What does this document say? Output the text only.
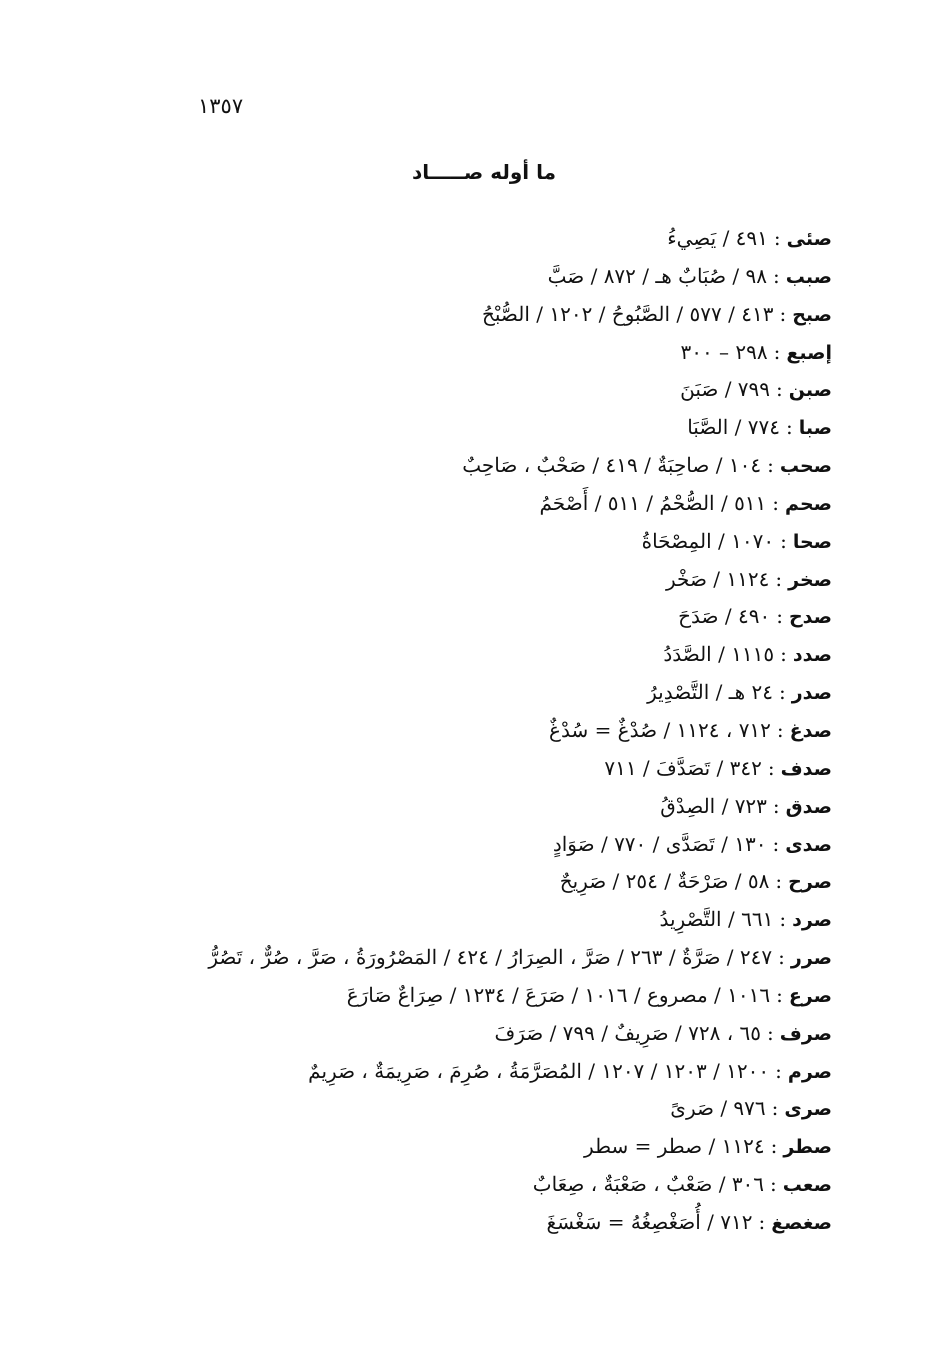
١٣٥٧
ما أوله صـــــاد
صئى:٤٩١ / يَصِيءُ
صبب:٩٨ / صُبَابٌ هـ / ٨٧٢ / صَبَّ
صبح:٤١٣ / ٥٧٧ / الصَّبُوحُ / ١٢٠٢ / الصُّبْحُ
إصبع:٢٩٨ – ٣٠٠
صبن:٧٩٩ / صَبَنَ
صبا:٧٧٤ / الصَّبَا
صحب:١٠٤ / صاحِبَةٌ / ٤١٩ / صَحْبٌ ، صَاحِبٌ
صحم:٥١١ / الصُّحْمُ / ٥١١ / أَصْحَمُ
صحا:١٠٧٠ / المِصْحَاةُ
صخر:١١٢٤ / صَخْر
صدح:٤٩٠ / صَدَحَ
صدد:١١١٥ / الصَّدَدُ
صدر:٢٤ هـ / التَّصْدِيرُ
صدغ:٧١٢ ، ١١٢٤ / صُدْغٌ = سُدْغٌ
صدف:٣٤٢ / تَصَدَّفَ / ٧١١
صدق:٧٢٣ / الصِدْقُ
صدى:١٣٠ / تَصَدَّى / ٧٧٠ / صَوَادٍ
صرح:٥٨ / صَرْحَةٌ / ٢٥٤ / صَرِيحٌ
صرد:٦٦١ / التَّصْرِيدُ
صرر:٢٤٧ / صَرَّةٌ / ٢٦٣ / صَرَّ ، الصِرَارُ / ٤٢٤ / المَصْرُورَةُ ، صَرَّ ، صُرٌّ ، تَصُرُّ
صرع:١٠١٦ / مصروع / ١٠١٦ / صَرَعَ / ١٢٣٤ / صِرَاعٌ صَارَعَ
صرف:٦٥ ، ٧٢٨ / صَرِيفٌ / ٧٩٩ / صَرَفَ
صرم:١٢٠٠ / ١٢٠٣ / ١٢٠٧ / المُصَرَّمَةُ ، صُرِمَ ، صَرِيمَةٌ ، صَرِيمٌ
صرى:٩٧٦ / صَرىً
صطر:١١٢٤ / صطر = سطر
صعب:٣٠٦ / صَعْبٌ ، صَعْبَةٌ ، صِعَابٌ
صغصغ:٧١٢ / أُصَغْصِغُهُ = سَغْسَغَ
